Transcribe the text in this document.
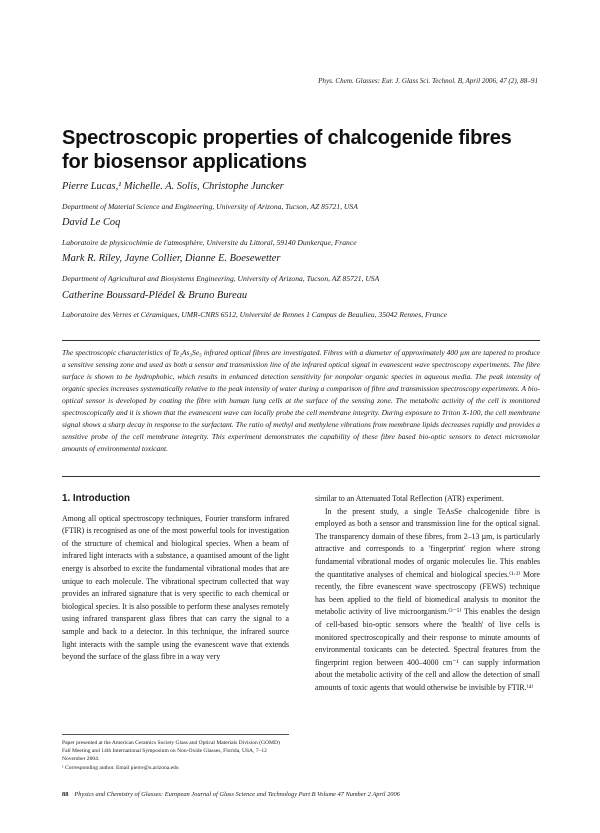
Phys. Chem. Glasses: Eur. J. Glass Sci. Technol. B, April 2006, 47 (2), 88–91
Spectroscopic properties of chalcogenide fibres for biosensor applications
Pierre Lucas,¹ Michelle. A. Solis, Christophe Juncker
Department of Material Science and Engineering, University of Arizona, Tucson, AZ 85721, USA
David Le Coq
Laboratoire de physicochimie de l'atmosphère, Universite du Littoral, 59140 Dunkerque, France
Mark R. Riley, Jayne Collier, Dianne E. Boesewetter
Department of Agricultural and Biosystems Engineering, University of Arizona, Tucson, AZ 85721, USA
Catherine Boussard-Plédel & Bruno Bureau
Laboratoire des Verres et Céramiques, UMR-CNRS 6512, Université de Rennes 1 Campus de Beaulieu, 35042 Rennes, France
The spectroscopic characteristics of Te₂As₃Se₅ infrared optical fibres are investigated. Fibres with a diameter of approximately 400 µm are tapered to produce a sensitive sensing zone and used as both a sensor and transmission line of the infrared optical signal in evanescent wave spectroscopy experiments. The fibre surface is shown to be hydrophobic, which results in enhanced detection sensitivity for nonpolar organic species in aqueous media. The peak intensity of organic species increases systematically relative to the peak intensity of water during a comparison of fibre and transmission spectroscopy experiments. A bio-optical sensor is developed by coating the fibre with human lung cells at the surface of the sensing zone. The metabolic activity of the cell is monitored spectroscopically and it is shown that the evanescent wave can locally probe the cell membrane integrity. During exposure to Triton X-100, the cell membrane signal shows a sharp decay in response to the surfactant. The ratio of methyl and methylene vibrations from membrane lipids decreases rapidly and provides a sensitive probe of the cell membrane integrity. This experiment demonstrates the capability of these fibre based bio-optic sensors to detect micromolar amounts of environmental toxicant.
1. Introduction

Among all optical spectroscopy techniques, Fourier transform infrared (FTIR) is recognised as one of the most powerful tools for investigation of the structure of chemical and biological species. When a beam of infrared light interacts with a substance, a quantised amount of the light energy is absorbed to excite the fundamental vibrational modes that are unique to each molecule. The vibrational spectrum collected that way provides an infrared signature that is very specific to each chemical or biological species. It is also possible to perform these analyses remotely using infrared transparent glass fibres that can carry the signal to a sample and back to a detector. In this technique, the infrared source light interacts with the sample using the evanescent wave that extends beyond the surface of the glass fibre in a way very

similar to an Attenuated Total Reflection (ATR) experiment.

In the present study, a single TeAsSe chalcogenide fibre is employed as both a sensor and transmission line for the optical signal. The transparency domain of these fibres, from 2–13 µm, is particularly attractive and corresponds to a 'fingerprint' region where strong fundamental vibrational modes of organic molecules lie. This enables the quantitative analyses of chemical and biological species.⁽¹·²⁾ More recently, the fibre evanescent wave spectroscopy (FEWS) technique has been applied to the field of biomedical analysis to monitor the metabolic activity of live microorganism.⁽³⁻⁵⁾ This enables the design of cell-based bio-optic sensors where the 'health' of live cells is monitored spectroscopically and their response to minute amounts of environmental toxicants can be detected. Spectral features from the fingerprint region between 400–4000 cm⁻¹ can supply information about the metabolic activity of the cell and allow the detection of small amounts of toxic agents that would otherwise be invisible by FTIR.⁽⁴⁾

Paper presented at the American Ceramics Society Glass and Optical Materials Division (GOMD) Fall Meeting and 14th International Symposium on Non-Oxide Glasses, Florida, USA, 7–12 November 2004.
¹ Corresponding author. Email pierre@u.arizona.edu
88 Physics and Chemistry of Glasses: European Journal of Glass Science and Technology Part B Volume 47 Number 2 April 2006
